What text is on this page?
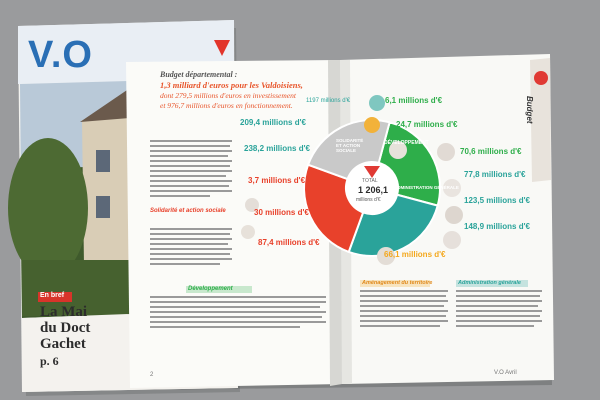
V.O
En bref
La Mai
du Doct
Gachet
p. 6
Budget départemental :
1,3 milliard d'euros pour les Valdoisiens,
dont 279,5 millions d'euros en investissement
et 976,7 millions d'euros en fonctionnement.
Solidarité et action sociale
Développement
Aménagement du territoire	Administration générale
Budget
1197 millions d'€
209,4 millions d'€
238,2 millions d'€
3,7 millions d'€
30 millions d'€
87,4 millions d'€
6,1 millions d'€
24,7 millions d'€
70,6 millions d'€
77,8 millions d'€
123,5 millions d'€
148,9 millions d'€
66,1 millions d'€
TOTAL
1 206,1
millions d'€
DÉVELOPPEMENT
ADMINISTRATION GÉNÉRALE
SOLIDARITÉ ET ACTION SOCIALE
2	V.O Avril
